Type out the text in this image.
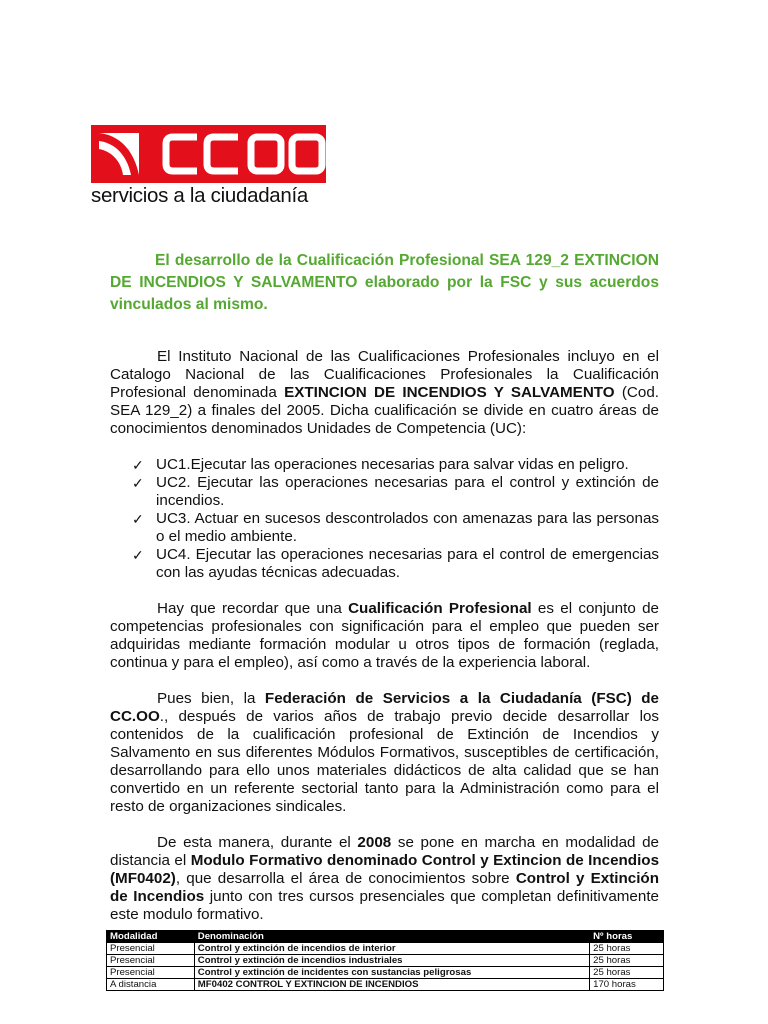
servicios a la ciudadanía

El desarrollo de la Cualificación Profesional SEA 129_2 EXTINCION DE INCENDIOS Y SALVAMENTO elaborado por la FSC y sus acuerdos vinculados al mismo.

El Instituto Nacional de las Cualificaciones Profesionales incluyo en el Catalogo Nacional de las Cualificaciones Profesionales la Cualificación Profesional denominada EXTINCION DE INCENDIOS Y SALVAMENTO (Cod. SEA 129_2) a finales del 2005. Dicha cualificación se divide en cuatro áreas de conocimientos denominados Unidades de Competencia (UC):

✓ UC1.Ejecutar las operaciones necesarias para salvar vidas en peligro.
✓ UC2. Ejecutar las operaciones necesarias para el control y extinción de incendios.
✓ UC3. Actuar en sucesos descontrolados con amenazas para las personas o el medio ambiente.
✓ UC4. Ejecutar las operaciones necesarias para el control de emergencias con las ayudas técnicas adecuadas.

Hay que recordar que una Cualificación Profesional es el conjunto de competencias profesionales con significación para el empleo que pueden ser adquiridas mediante formación modular u otros tipos de formación (reglada, continua y para el empleo), así como a través de la experiencia laboral.

Pues bien, la Federación de Servicios a la Ciudadanía (FSC) de CC.OO., después de varios años de trabajo previo decide desarrollar los contenidos de la cualificación profesional de Extinción de Incendios y Salvamento en sus diferentes Módulos Formativos, susceptibles de certificación, desarrollando para ello unos materiales didácticos de alta calidad que se han convertido en un referente sectorial tanto para la Administración como para el resto de organizaciones sindicales.

De esta manera, durante el 2008 se pone en marcha en modalidad de distancia el Modulo Formativo denominado Control y Extincion de Incendios (MF0402), que desarrolla el área de conocimientos sobre Control y Extinción de Incendios junto con tres cursos presenciales que completan definitivamente este modulo formativo.

Modalidad	Denominación	Nº horas
Presencial	Control y extinción de incendios de interior	25 horas
Presencial	Control y extinción de incendios industriales	25 horas
Presencial	Control y extinción de incidentes con sustancias peligrosas	25 horas
A distancia	MF0402 CONTROL Y EXTINCION DE INCENDIOS	170 horas
